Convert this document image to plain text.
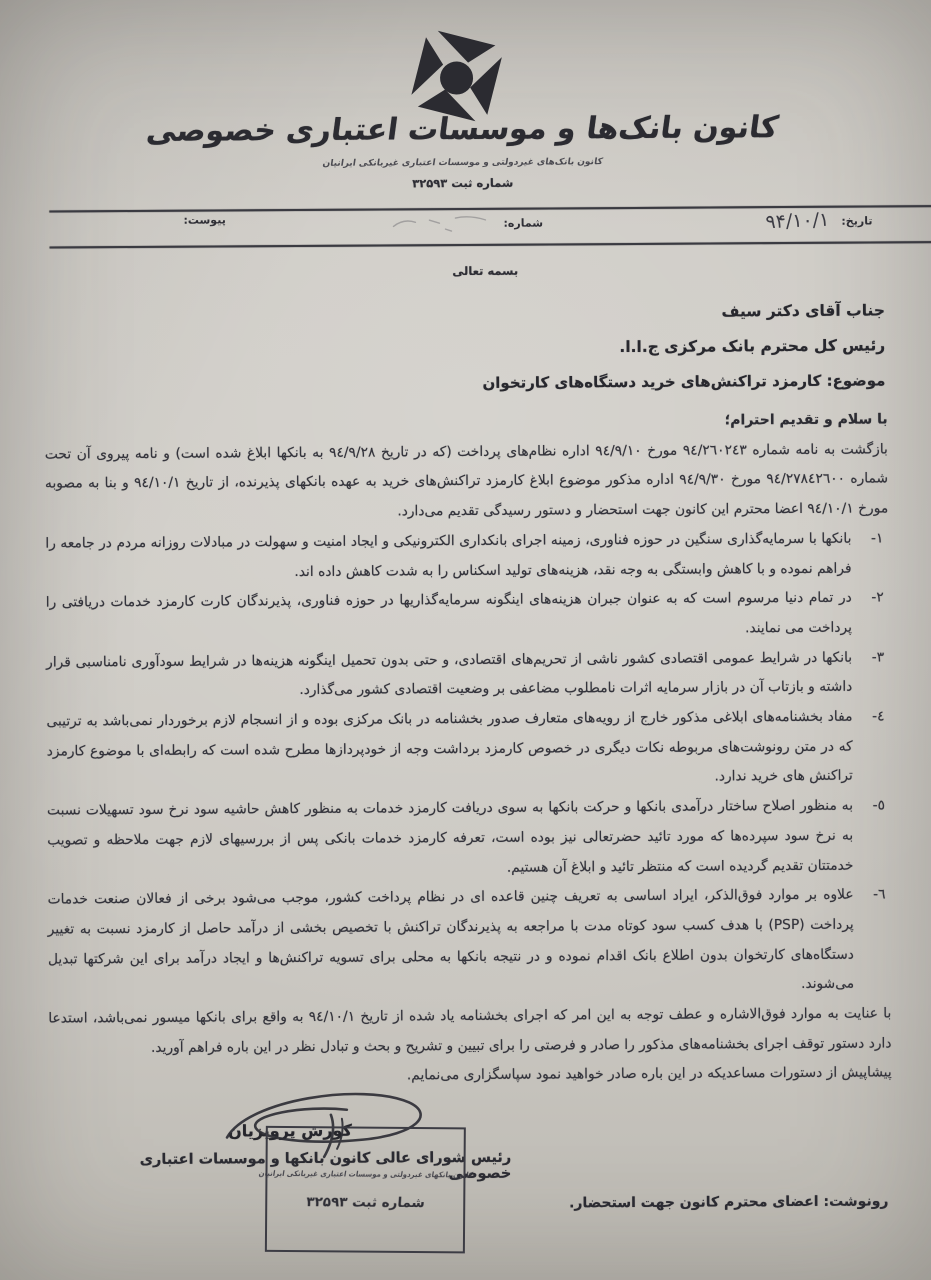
کانون بانک‌ها و موسسات اعتباری خصوصی
کانون بانک‌های غیردولتی و موسسات اعتباری غیربانکی ایرانیان
شماره ثبت ۳۲۵۹۳
تاریخ:
۹۴/۱۰/۱
شماره:
پیوست:
بسمه تعالی
جناب آقای دکتر سیف
رئیس کل محترم بانک مرکزی ج.ا.ا.
موضوع: کارمزد تراکنش‌های خرید دستگاه‌های کارتخوان

با سلام و تقدیم احترام؛

بازگشت به نامه شماره ۹٤/۲٦۰۲٤۳ مورخ ۹٤/۹/۱۰ اداره نظام‌های پرداخت (که در تاریخ ۹٤/۹/۲۸ به بانکها ابلاغ شده است) و نامه پیروی آن تحت شماره ۹٤/۲۷۸٤۲٦۰۰ مورخ ۹٤/۹/۳۰ اداره مذکور موضوع ابلاغ کارمزد تراکنش‌های خرید به عهده بانکهای پذیرنده، از تاریخ ۹٤/۱۰/۱ و بنا به مصوبه مورخ ۹٤/۱۰/۱ اعضا محترم این کانون جهت استحضار و دستور رسیدگی تقدیم می‌دارد.

۱-
بانکها با سرمایه‌گذاری سنگین در حوزه فناوری، زمینه اجرای بانکداری الکترونیکی و ایجاد امنیت و سهولت در مبادلات روزانه مردم در جامعه را فراهم نموده و با کاهش وابستگی به وجه نقد، هزینه‌های تولید اسکناس را به شدت کاهش داده اند.
۲-
در تمام دنیا مرسوم است که به عنوان جبران هزینه‌های اینگونه سرمایه‌گذاریها در حوزه فناوری، پذیرندگان کارت کارمزد خدمات دریافتی را پرداخت می نمایند.
۳-
بانکها در شرایط عمومی اقتصادی کشور ناشی از تحریم‌های اقتصادی، و حتی بدون تحمیل اینگونه هزینه‌ها در شرایط سودآوری نامناسبی قرار داشته و بازتاب آن در بازار سرمایه اثرات نامطلوب مضاعفی بر وضعیت اقتصادی کشور می‌گذارد.
٤-
مفاد بخشنامه‌های ابلاغی مذکور خارج از رویه‌های متعارف صدور بخشنامه در بانک مرکزی بوده و از انسجام لازم برخوردار نمی‌باشد به ترتیبی که در متن رونوشت‌های مربوطه نکات دیگری در خصوص کارمزد برداشت وجه از خودپردازها مطرح شده است که رابطه‌ای با موضوع کارمزد تراکنش های خرید ندارد.
٥-
به منظور اصلاح ساختار درآمدی بانکها و حرکت بانکها به سوی دریافت کارمزد خدمات به منظور کاهش حاشیه سود نرخ سود تسهیلات نسبت به نرخ سود سپرده‌ها که مورد تائید حضرتعالی نیز بوده است، تعرفه کارمزد خدمات بانکی پس از بررسیهای لازم جهت ملاحظه و تصویب خدمتتان تقدیم گردیده است که منتظر تائید و ابلاغ آن هستیم.
٦-
علاوه بر موارد فوق‌الذکر، ایراد اساسی به تعریف چنین قاعده ای در نظام پرداخت کشور، موجب می‌شود برخی از فعالان صنعت خدمات پرداخت (PSP) با هدف کسب سود کوتاه مدت با مراجعه به پذیرندگان تراکنش با تخصیص بخشی از درآمد حاصل از کارمزد نسبت به تغییر دستگاه‌های کارتخوان بدون اطلاع بانک اقدام نموده و در نتیجه بانکها به محلی برای تسویه تراکنش‌ها و ایجاد درآمد برای این شرکتها تبدیل می‌شوند.

با عنایت به موارد فوق‌الاشاره و عطف توجه به این امر که اجرای بخشنامه یاد شده از تاریخ ۹٤/۱۰/۱ به واقع برای بانکها میسور نمی‌باشد، استدعا دارد دستور توقف اجرای بخشنامه‌های مذکور را صادر و فرصتی را برای تبیین و تشریح و بحث و تبادل نظر در این باره فراهم آورید.

پیشاپیش از دستورات مساعدیکه در این باره صادر خواهید نمود سپاسگزاری می‌نمایم.

کورش پرویزیان
رئیس شورای عالی کانون بانکها و موسسات اعتباری خصوصی
کانون بانکهای غیردولتی و موسسات اعتباری غیربانکی ایرانیان
شماره ثبت ۳۲۵۹۳	رونوشت: اعضای محترم کانون جهت استحضار.
